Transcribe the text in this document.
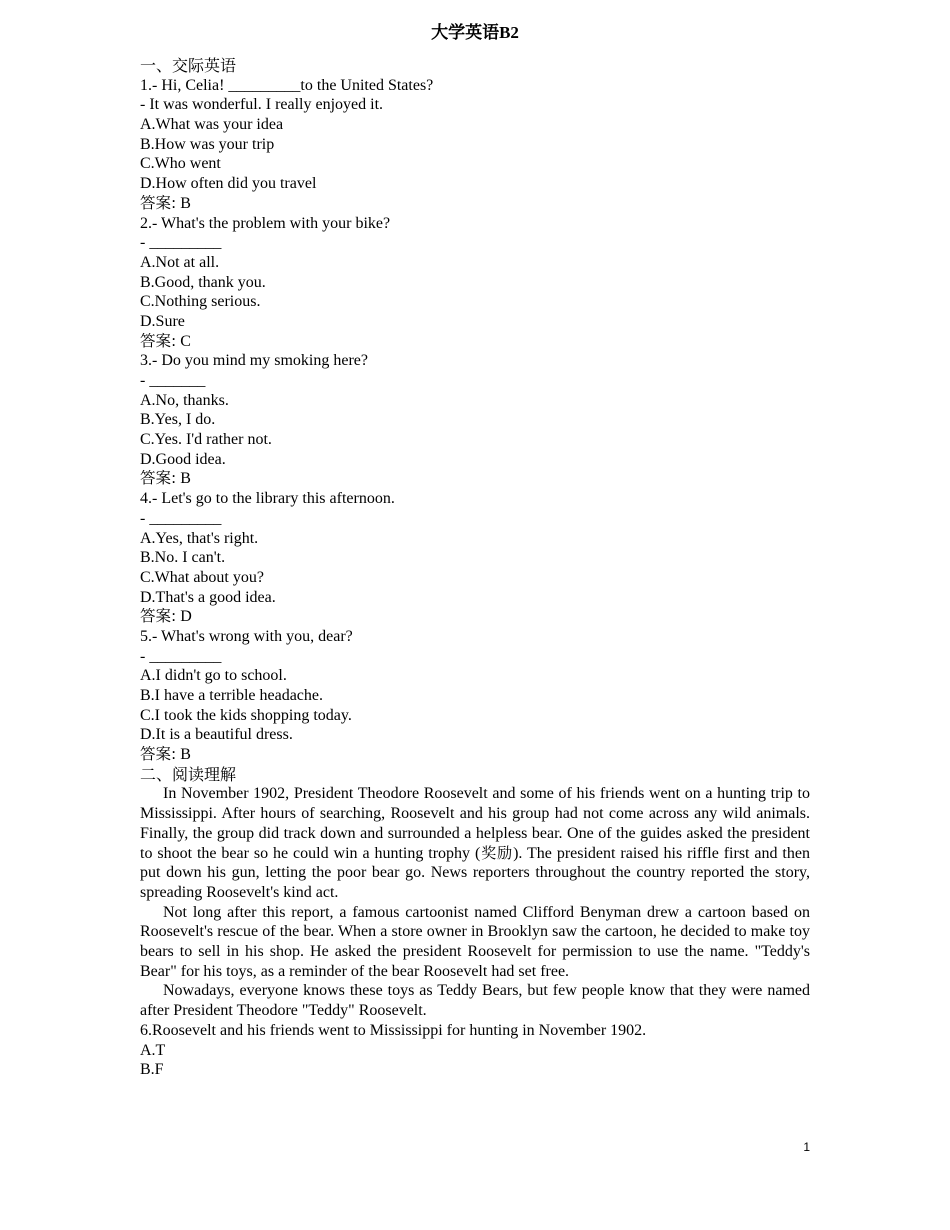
大学英语B2
一、交际英语
1.- Hi, Celia! _________to the United States?
- It was wonderful. I really enjoyed it.
A.What was your idea
B.How was your trip
C.Who went
D.How often did you travel
答案: B
2.- What's the problem with your bike?
- _________
A.Not at all.
B.Good, thank you.
C.Nothing serious.
D.Sure
答案: C
3.- Do you mind my smoking here?
- _______
A.No, thanks.
B.Yes, I do.
C.Yes. I'd rather not.
D.Good idea.
答案: B
4.- Let's go to the library this afternoon.
- _________
A.Yes, that's right.
B.No. I can't.
C.What about you?
D.That's a good idea.
答案: D
5.- What's wrong with you, dear?
- _________
A.I didn't go to school.
B.I have a terrible headache.
C.I took the kids shopping today.
D.It is a beautiful dress.
答案: B
二、阅读理解

In November 1902, President Theodore Roosevelt and some of his friends went on a hunting trip to Mississippi. After hours of searching, Roosevelt and his group had not come across any wild animals. Finally, the group did track down and surrounded a helpless bear. One of the guides asked the president to shoot the bear so he could win a hunting trophy (奖励). The president raised his riffle first and then put down his gun, letting the poor bear go. News reporters throughout the country reported the story, spreading Roosevelt's kind act.

Not long after this report, a famous cartoonist named Clifford Benyman drew a cartoon based on Roosevelt's rescue of the bear. When a store owner in Brooklyn saw the cartoon, he decided to make toy bears to sell in his shop. He asked the president Roosevelt for permission to use the name. "Teddy's Bear" for his toys, as a reminder of the bear Roosevelt had set free.

Nowadays, everyone knows these toys as Teddy Bears, but few people know that they were named after President Theodore "Teddy" Roosevelt.

6.Roosevelt and his friends went to Mississippi for hunting in November 1902.
A.T
B.F
1
